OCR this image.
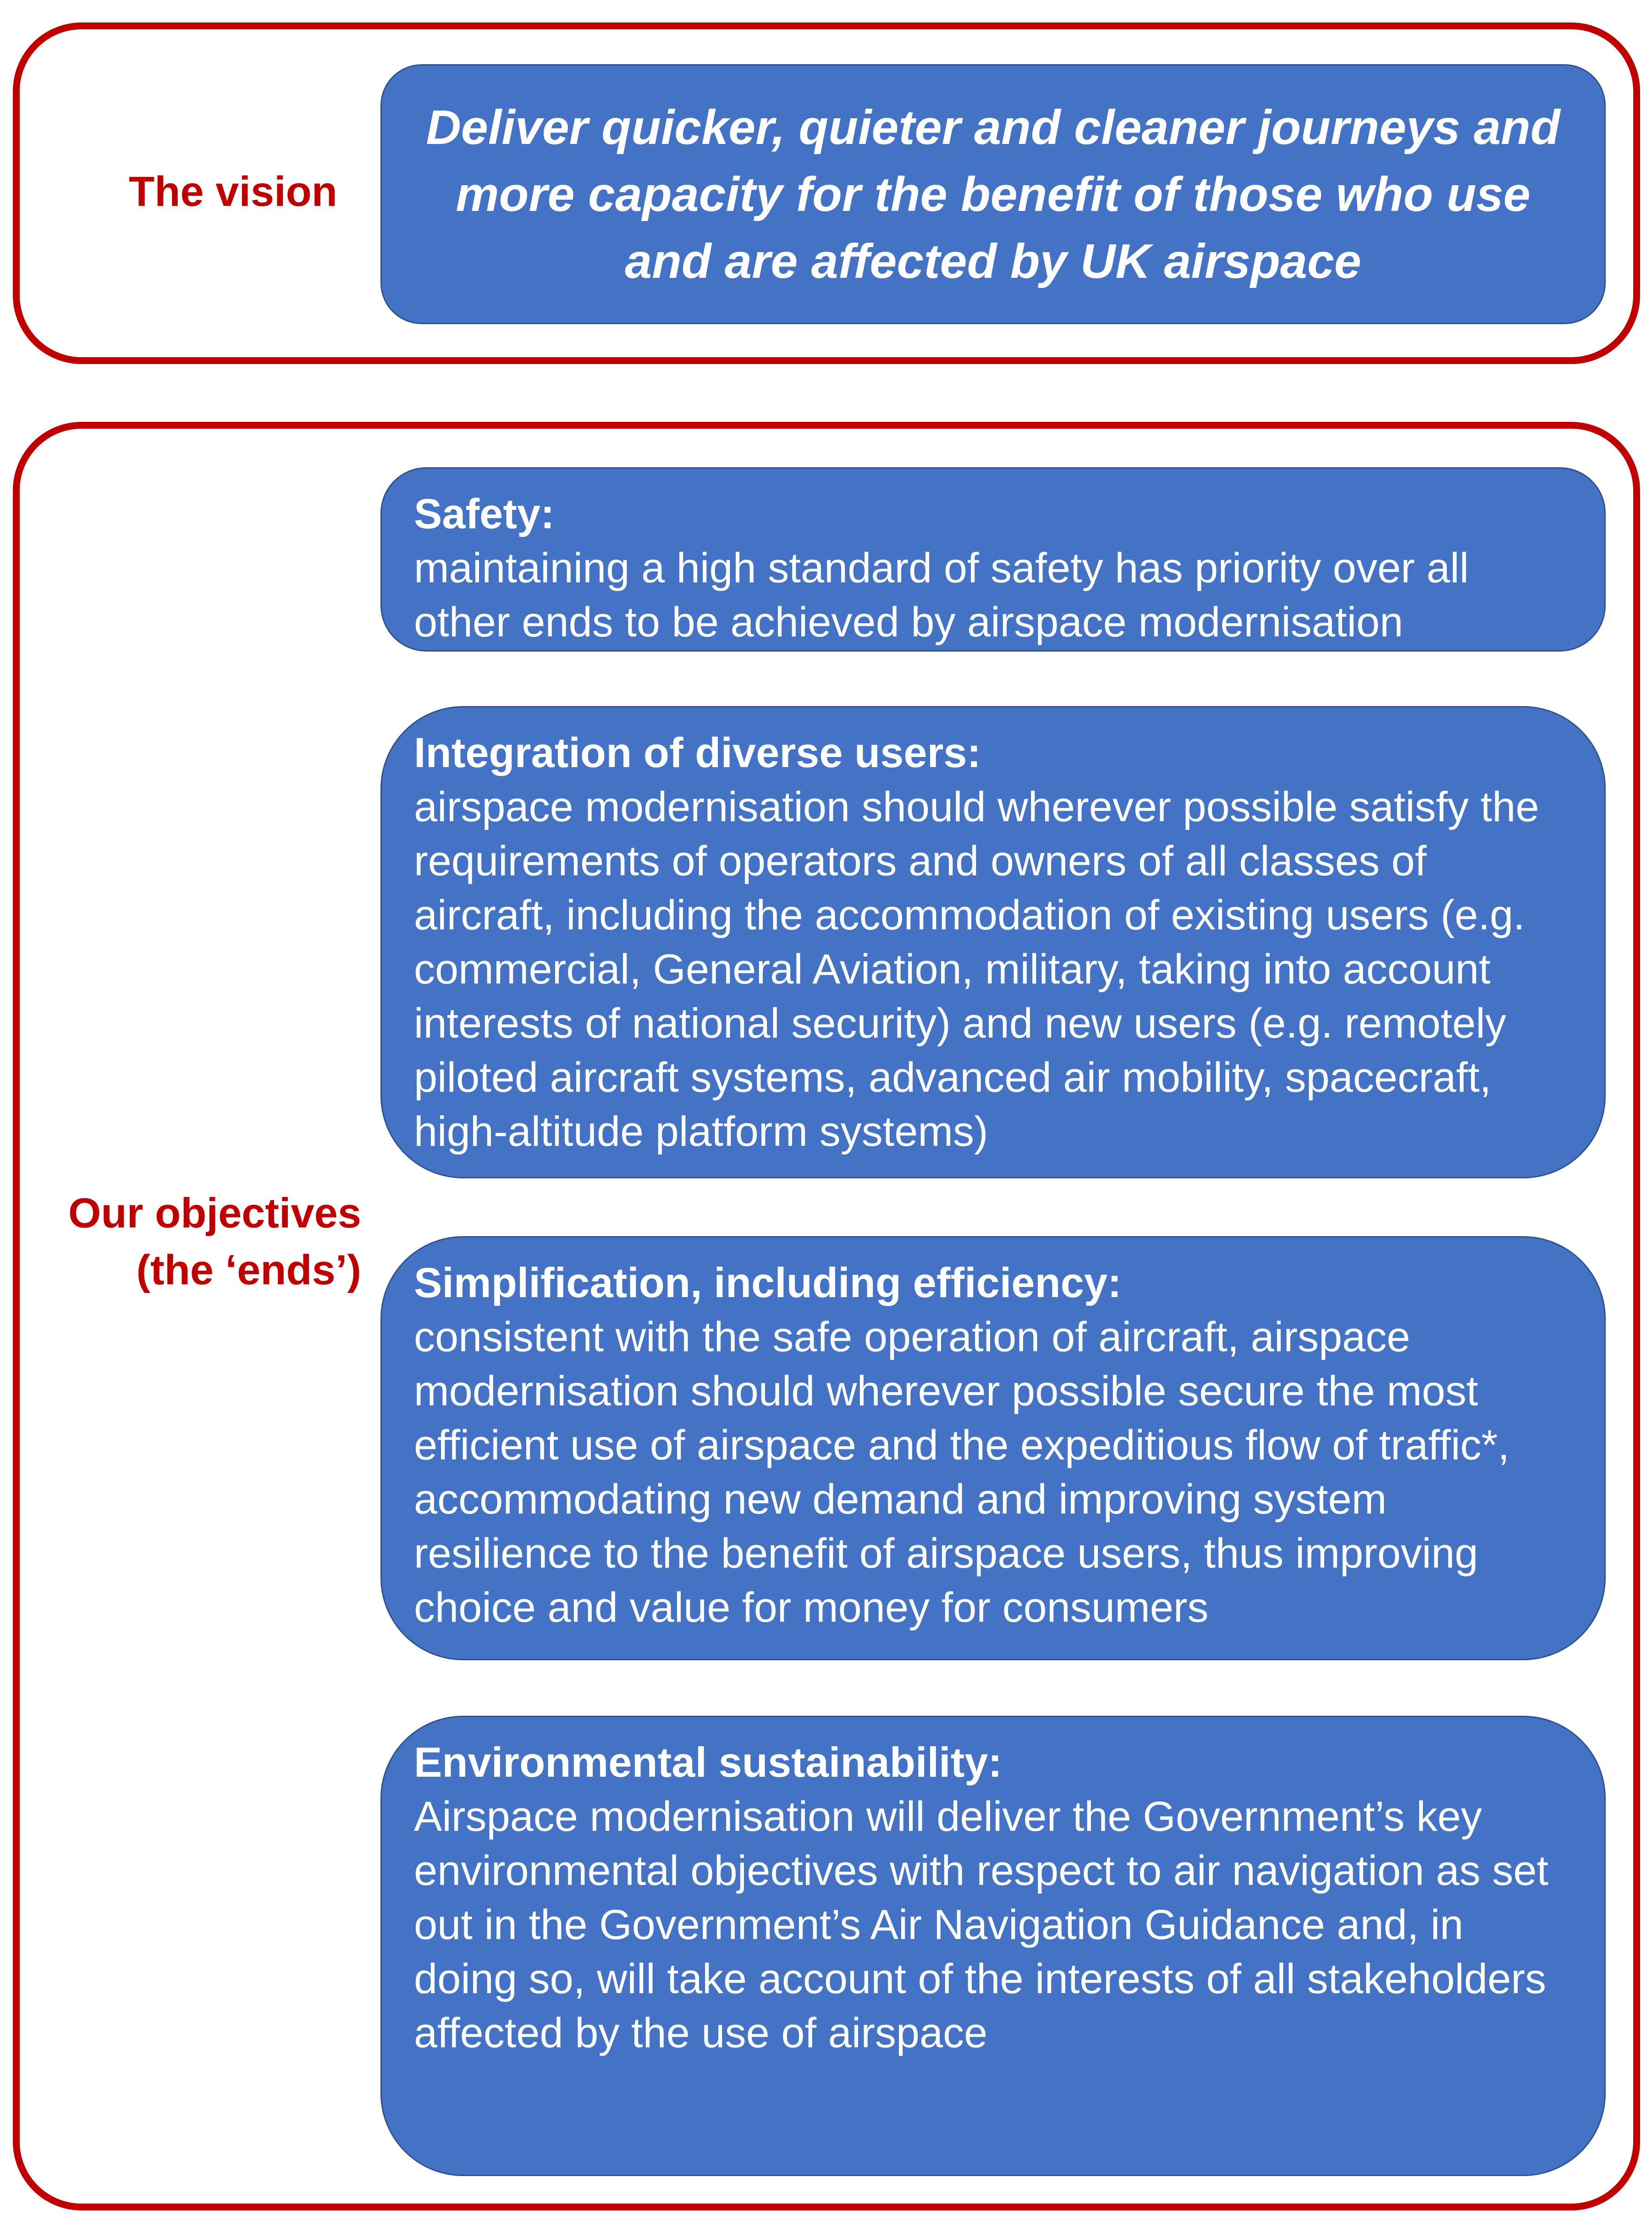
The vision
Deliver quicker, quieter and cleaner journeys and more capacity for the benefit of those who use and are affected by UK airspace
Our objectives
(the ‘ends’)
Safety:
maintaining a high standard of safety has priority over all other ends to be achieved by airspace modernisation
Integration of diverse users:
airspace modernisation should wherever possible satisfy the requirements of operators and owners of all classes of aircraft, including the accommodation of existing users (e.g. commercial, General Aviation, military, taking into account interests of national security) and new users (e.g. remotely piloted aircraft systems, advanced air mobility, spacecraft, high-altitude platform systems)
Simplification, including efficiency:
consistent with the safe operation of aircraft, airspace modernisation should wherever possible secure the most efficient use of airspace and the expeditious flow of traffic*, accommodating new demand and improving system resilience to the benefit of airspace users, thus improving choice and value for money for consumers
Environmental sustainability:
Airspace modernisation will deliver the Government’s key environmental objectives with respect to air navigation as set out in the Government’s Air Navigation Guidance and, in doing so, will take account of the interests of all stakeholders affected by the use of airspace
